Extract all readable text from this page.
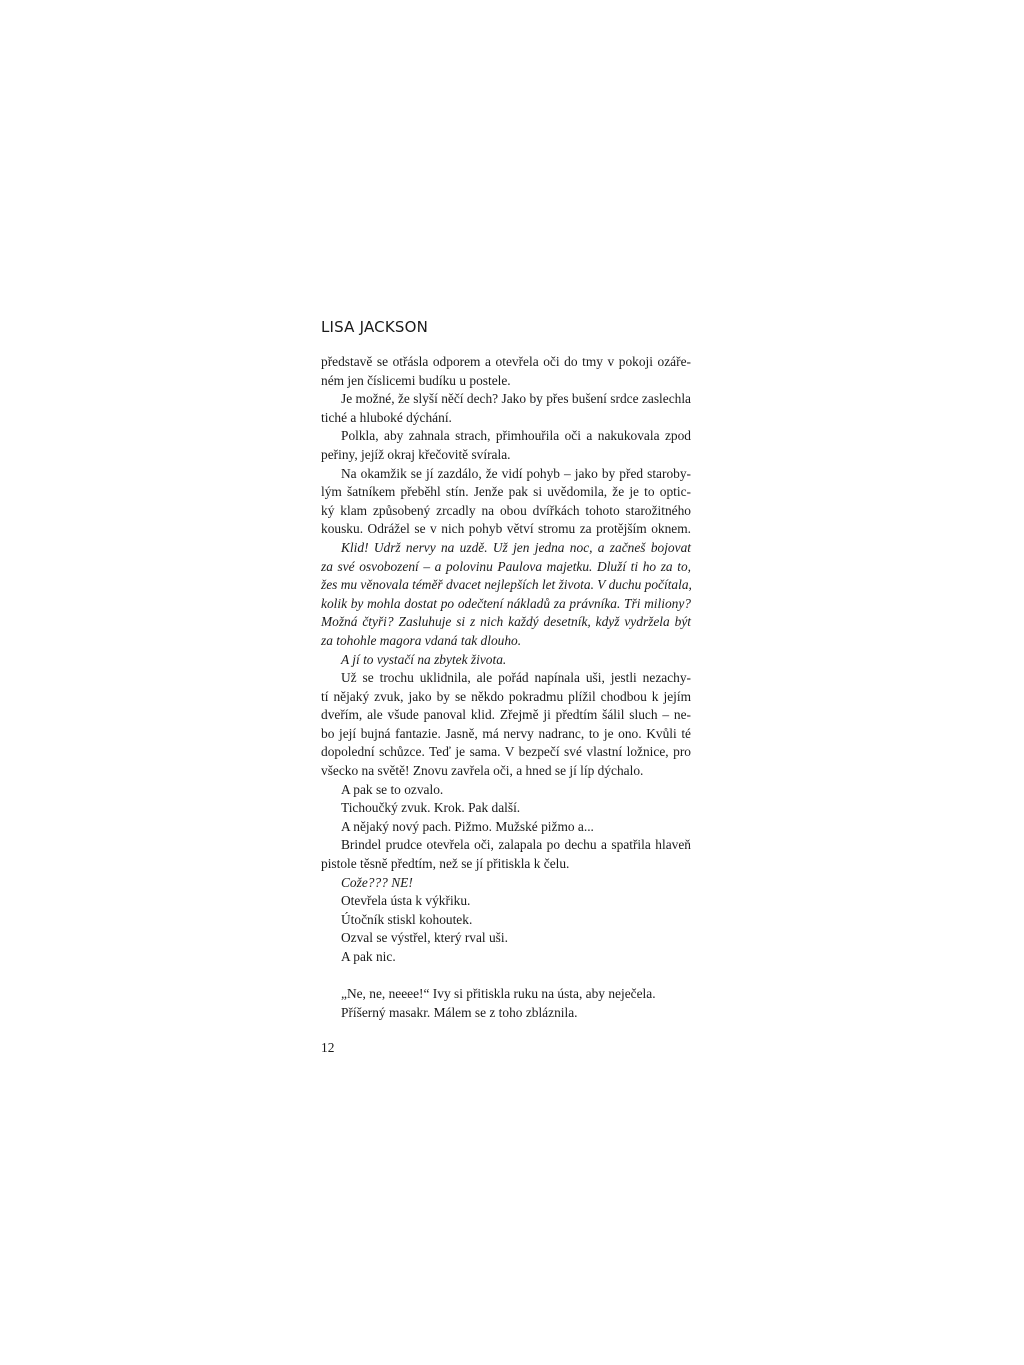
LISA JACKSON
představě se otřásla odporem a otevřela oči do tmy v pokoji ozáře-
ném jen číslicemi budíku u postele.
Je možné, že slyší něčí dech? Jako by přes bušení srdce zaslechla
tiché a hluboké dýchání.
Polkla, aby zahnala strach, přimhouřila oči a nakukovala zpod
peřiny, jejíž okraj křečovitě svírala.
Na okamžik se jí zazdálo, že vidí pohyb – jako by před staroby-
lým šatníkem přeběhl stín. Jenže pak si uvědomila, že je to optic-
ký klam způsobený zrcadly na obou dvířkách tohoto starožitného
kousku. Odrážel se v nich pohyb větví stromu za protějším oknem.
Klid! Udrž nervy na uzdě. Už jen jedna noc, a začneš bojovat
za své osvobození – a polovinu Paulova majetku. Dluží ti ho za to,
žes mu věnovala téměř dvacet nejlepších let života. V duchu počítala,
kolik by mohla dostat po odečtení nákladů za právníka. Tři miliony?
Možná čtyři? Zasluhuje si z nich každý desetník, když vydržela být
za tohohle magora vdaná tak dlouho.
A jí to vystačí na zbytek života.
Už se trochu uklidnila, ale pořád napínala uši, jestli nezachy-
tí nějaký zvuk, jako by se někdo pokradmu plížil chodbou k jejím
dveřím, ale všude panoval klid. Zřejmě ji předtím šálil sluch – ne-
bo její bujná fantazie. Jasně, má nervy nadranc, to je ono. Kvůli té
dopolední schůzce. Teď je sama. V bezpečí své vlastní ložnice, pro
všecko na světě! Znovu zavřela oči, a hned se jí líp dýchalo.
A pak se to ozvalo.
Tichoučký zvuk. Krok. Pak další.
A nějaký nový pach. Pižmo. Mužské pižmo a...
Brindel prudce otevřela oči, zalapala po dechu a spatřila hlaveň
pistole těsně předtím, než se jí přitiskla k čelu.
Cože??? NE!
Otevřela ústa k výkřiku.
Útočník stiskl kohoutek.
Ozval se výstřel, který rval uši.
A pak nic.
„Ne, ne, neeee!“ Ivy si přitiskla ruku na ústa, aby neječela.
Příšerný masakr. Málem se z toho zbláznila.
12
